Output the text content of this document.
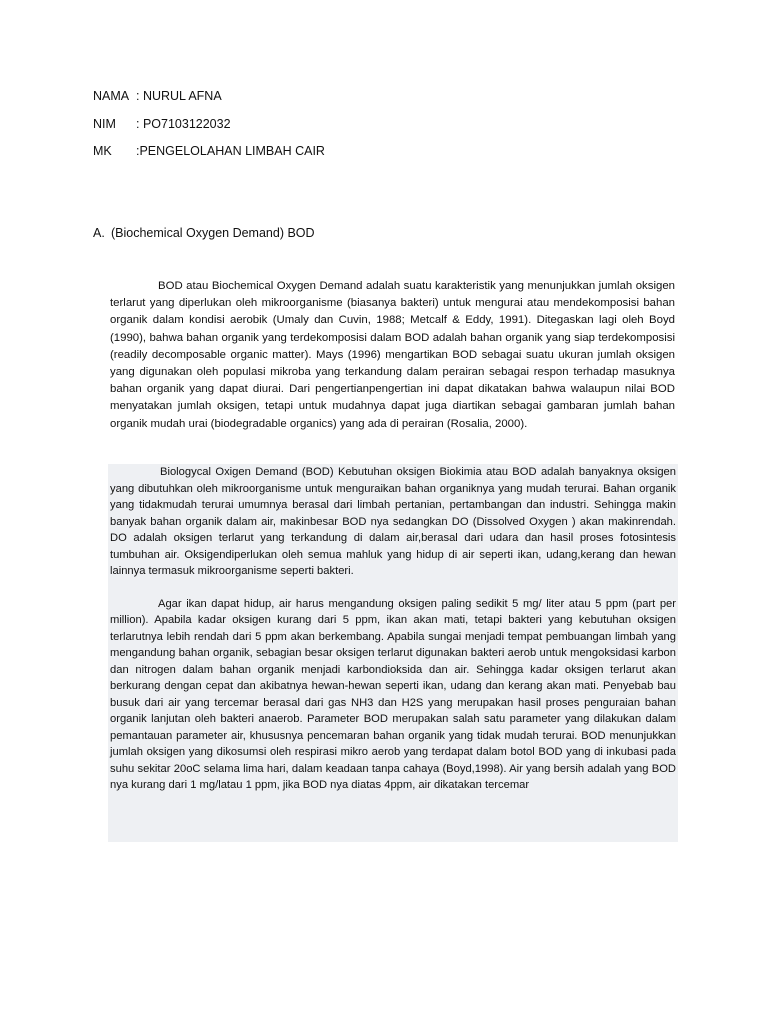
NAMA : NURUL AFNA
NIM : PO7103122032
MK :PENGELOLAHAN LIMBAH CAIR
A. (Biochemical Oxygen Demand) BOD

BOD atau Biochemical Oxygen Demand adalah suatu karakteristik yang menunjukkan jumlah oksigen terlarut yang diperlukan oleh mikroorganisme (biasanya bakteri) untuk mengurai atau mendekomposisi bahan organik dalam kondisi aerobik (Umaly dan Cuvin, 1988; Metcalf & Eddy, 1991). Ditegaskan lagi oleh Boyd (1990), bahwa bahan organik yang terdekomposisi dalam BOD adalah bahan organik yang siap terdekomposisi (readily decomposable organic matter). Mays (1996) mengartikan BOD sebagai suatu ukuran jumlah oksigen yang digunakan oleh populasi mikroba yang terkandung dalam perairan sebagai respon terhadap masuknya bahan organik yang dapat diurai. Dari pengertianpengertian ini dapat dikatakan bahwa walaupun nilai BOD menyatakan jumlah oksigen, tetapi untuk mudahnya dapat juga diartikan sebagai gambaran jumlah bahan organik mudah urai (biodegradable organics) yang ada di perairan (Rosalia, 2000).

Biologycal Oxigen Demand (BOD) Kebutuhan oksigen Biokimia atau BOD adalah banyaknya oksigen yang dibutuhkan oleh mikroorganisme untuk menguraikan bahan organiknya yang mudah terurai. Bahan organik yang tidakmudah terurai umumnya berasal dari limbah pertanian, pertambangan dan industri. Sehingga makin banyak bahan organik dalam air, makinbesar BOD nya sedangkan DO (Dissolved Oxygen ) akan makinrendah. DO adalah oksigen terlarut yang terkandung di dalam air,berasal dari udara dan hasil proses fotosintesis tumbuhan air. Oksigendiperlukan oleh semua mahluk yang hidup di air seperti ikan, udang,kerang dan hewan lainnya termasuk mikroorganisme seperti bakteri.

Agar ikan dapat hidup, air harus mengandung oksigen paling sedikit 5 mg/ liter atau 5 ppm (part per million). Apabila kadar oksigen kurang dari 5 ppm, ikan akan mati, tetapi bakteri yang kebutuhan oksigen terlarutnya lebih rendah dari 5 ppm akan berkembang. Apabila sungai menjadi tempat pembuangan limbah yang mengandung bahan organik, sebagian besar oksigen terlarut digunakan bakteri aerob untuk mengoksidasi karbon dan nitrogen dalam bahan organik menjadi karbondioksida dan air. Sehingga kadar oksigen terlarut akan berkurang dengan cepat dan akibatnya hewan-hewan seperti ikan, udang dan kerang akan mati. Penyebab bau busuk dari air yang tercemar berasal dari gas NH3 dan H2S yang merupakan hasil proses penguraian bahan organik lanjutan oleh bakteri anaerob. Parameter BOD merupakan salah satu parameter yang dilakukan dalam pemantauan parameter air, khususnya pencemaran bahan organik yang tidak mudah terurai. BOD menunjukkan jumlah oksigen yang dikosumsi oleh respirasi mikro aerob yang terdapat dalam botol BOD yang di inkubasi pada suhu sekitar 20oC selama lima hari, dalam keadaan tanpa cahaya (Boyd,1998). Air yang bersih adalah yang BOD nya kurang dari 1 mg/latau 1 ppm, jika BOD nya diatas 4ppm, air dikatakan tercemar
